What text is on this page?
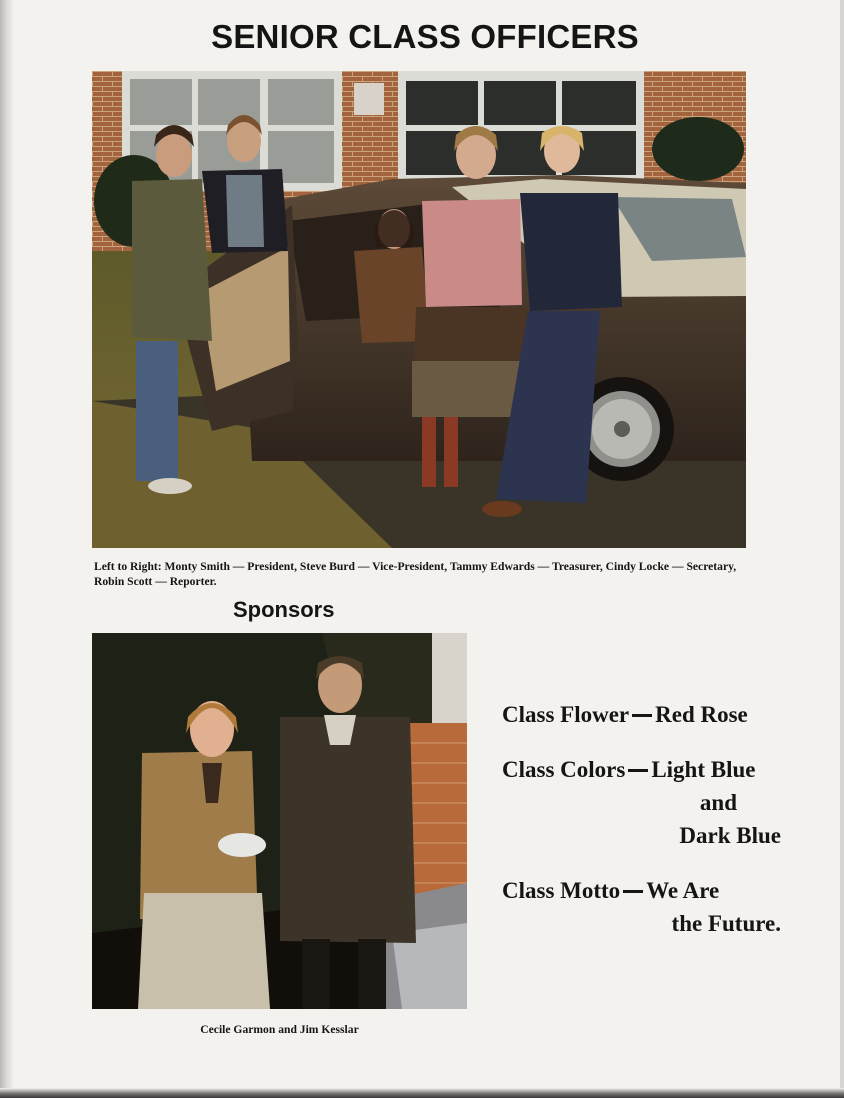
SENIOR CLASS OFFICERS
Left to Right: Monty Smith — President, Steve Burd — Vice-President, Tammy Edwards — Treasurer, Cindy Locke — Secretary, Robin Scott — Reporter.
Sponsors
Cecile Garmon and Jim Kesslar
Class Flower Red Rose
Class Colors Light Blue
and
Dark Blue
Class Motto We Are
the Future.
